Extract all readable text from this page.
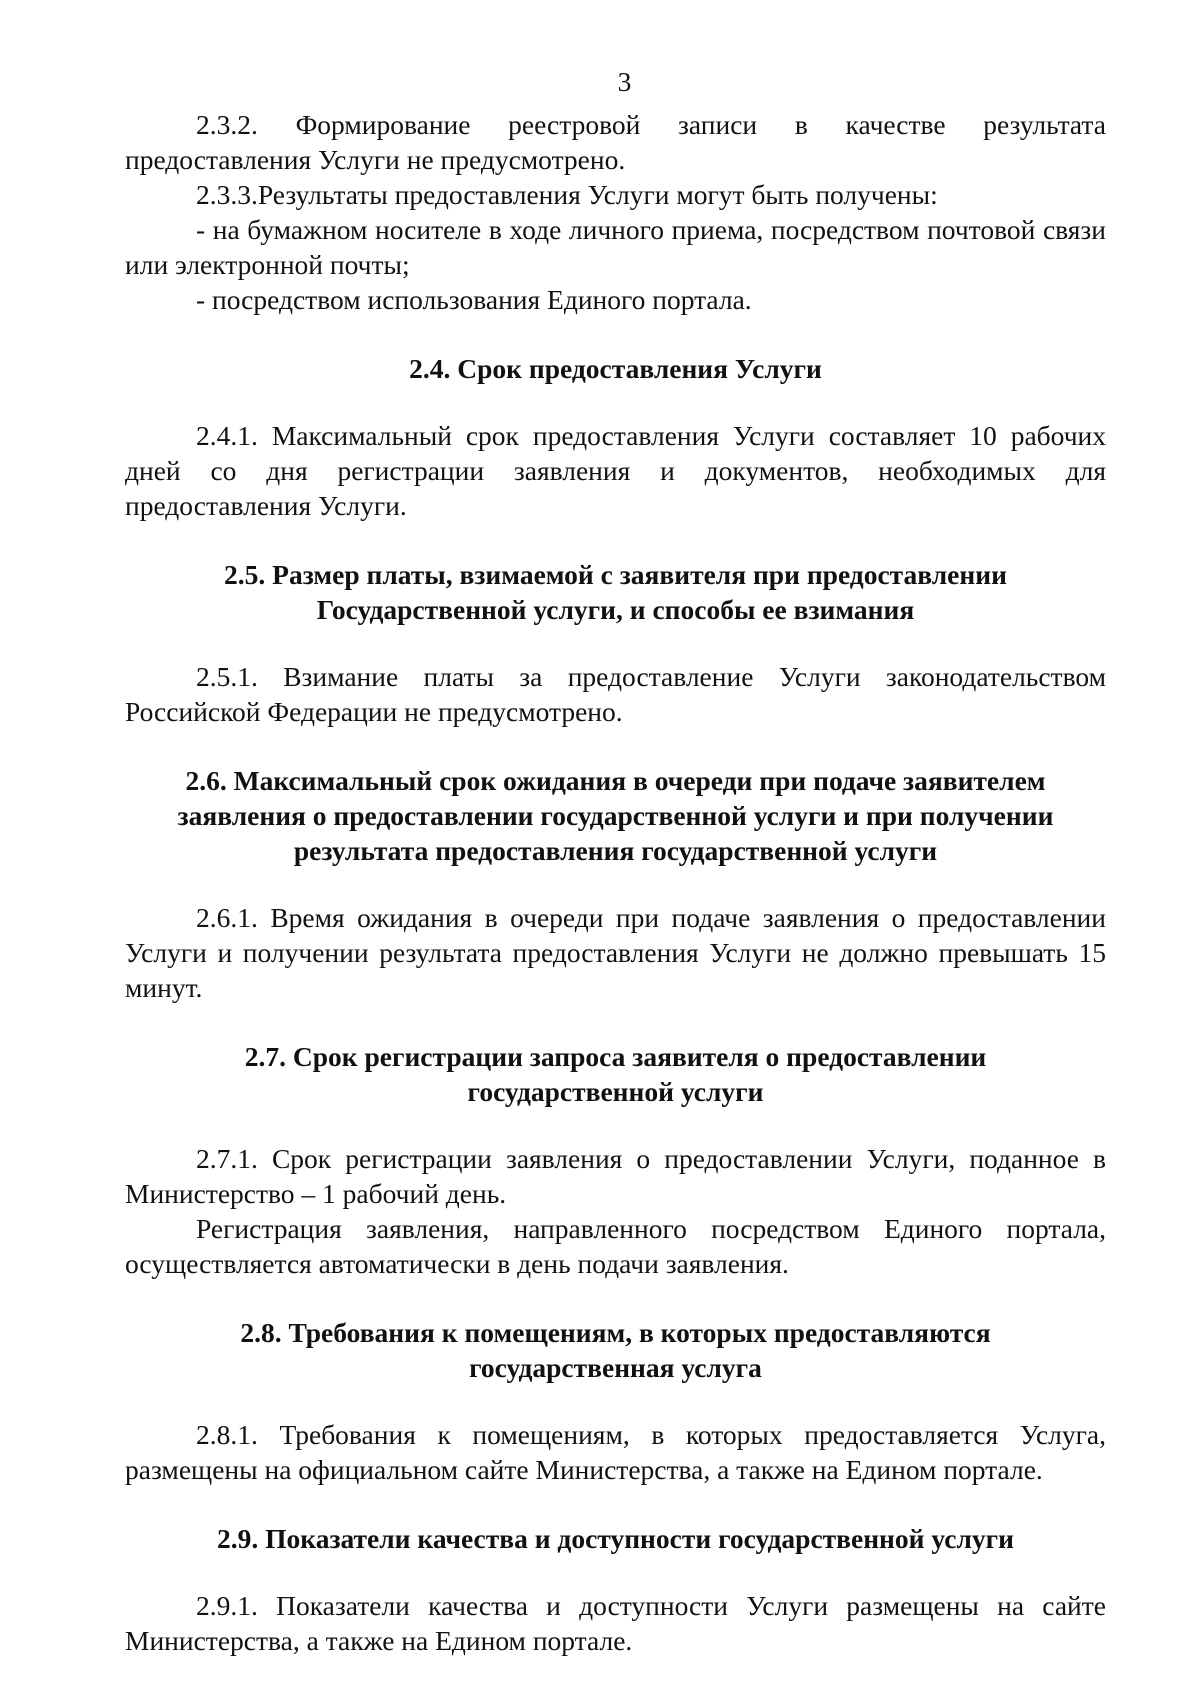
3

2.3.2. Формирование реестровой записи в качестве результата предоставления Услуги не предусмотрено.

2.3.3.Результаты предоставления Услуги могут быть получены:

- на бумажном носителе в ходе личного приема, посредством почтовой связи или электронной почты;

- посредством использования Единого портала.

2.4. Срок предоставления Услуги

2.4.1. Максимальный срок предоставления Услуги составляет 10 рабочих дней со дня регистрации заявления и документов, необходимых для предоставления Услуги.

2.5. Размер платы, взимаемой с заявителя при предоставлении
Государственной услуги, и способы ее взимания

2.5.1. Взимание платы за предоставление Услуги законодательством Российской Федерации не предусмотрено.

2.6. Максимальный срок ожидания в очереди при подаче заявителем
заявления о предоставлении государственной услуги и при получении
результата предоставления государственной услуги

2.6.1. Время ожидания в очереди при подаче заявления о предоставлении Услуги и получении результата предоставления Услуги не должно превышать 15 минут.

2.7. Срок регистрации запроса заявителя о предоставлении
государственной услуги

2.7.1. Срок регистрации заявления о предоставлении Услуги, поданное в Министерство – 1 рабочий день.

Регистрация заявления, направленного посредством Единого портала, осуществляется автоматически в день подачи заявления.

2.8. Требования к помещениям, в которых предоставляются
государственная услуга

2.8.1. Требования к помещениям, в которых предоставляется Услуга, размещены на официальном сайте Министерства, а также на Едином портале.

2.9. Показатели качества и доступности государственной услуги

2.9.1. Показатели качества и доступности Услуги размещены на сайте Министерства, а также на Едином портале.
